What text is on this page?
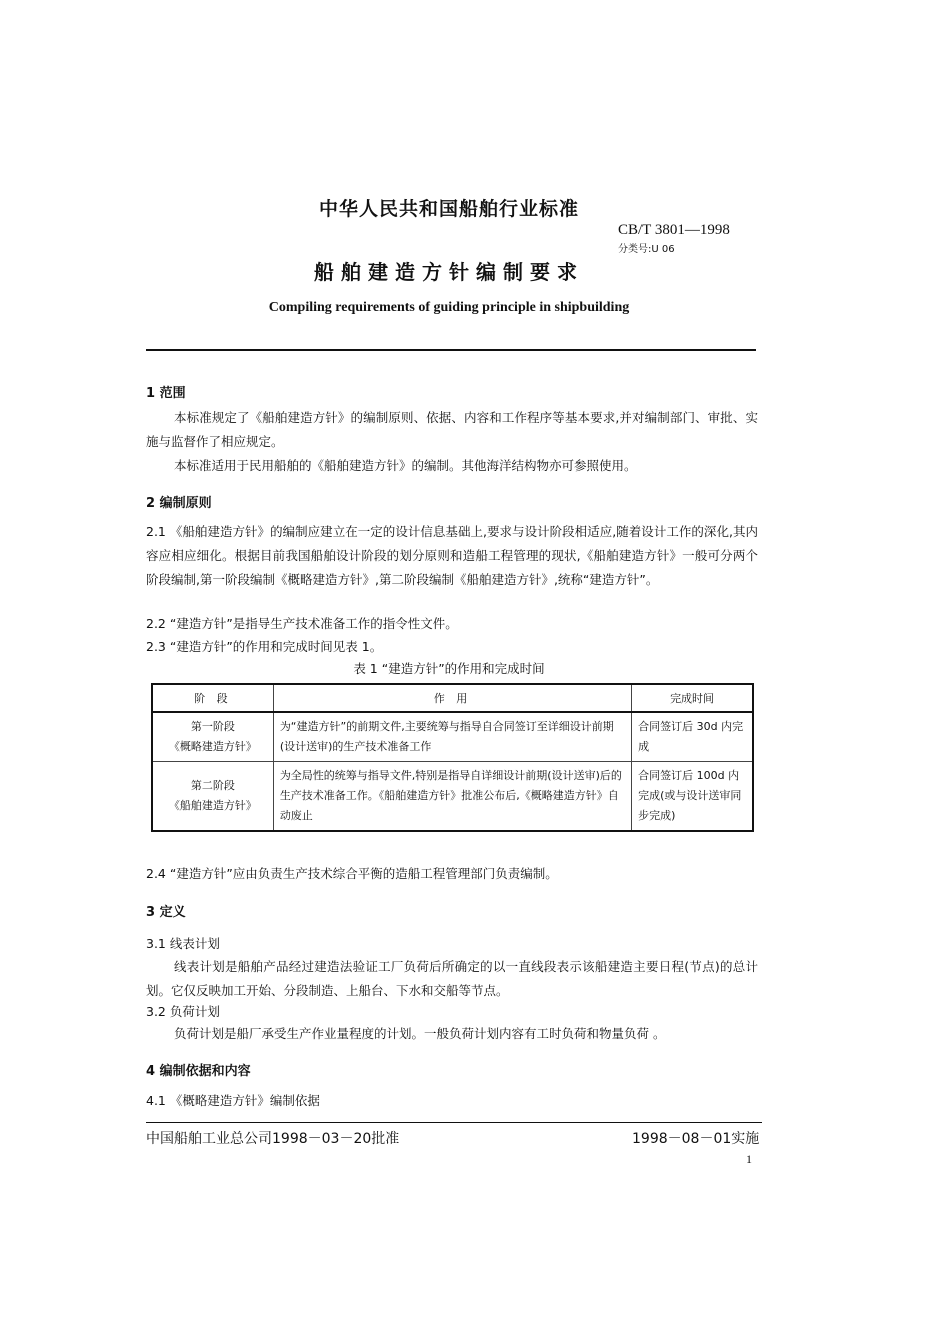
中华人民共和国船舶行业标准
CB/T 3801—1998
分类号:U 06
船舶建造方针编制要求
Compiling requirements of guiding principle in shipbuilding
1 范围
本标准规定了《船舶建造方针》的编制原则、依据、内容和工作程序等基本要求,并对编制部门、审批、实施与监督作了相应规定。
本标准适用于民用船舶的《船舶建造方针》的编制。其他海洋结构物亦可参照使用。
2 编制原则
2.1 《船舶建造方针》的编制应建立在一定的设计信息基础上,要求与设计阶段相适应,随着设计工作的深化,其内容应相应细化。根据目前我国船舶设计阶段的划分原则和造船工程管理的现状,《船舶建造方针》一般可分两个阶段编制,第一阶段编制《概略建造方针》,第二阶段编制《船舶建造方针》,统称“建造方针”。
2.2 “建造方针”是指导生产技术准备工作的指令性文件。
2.3 “建造方针”的作用和完成时间见表 1。
表 1 “建造方针”的作用和完成时间
阶 段	作 用	完成时间

第一阶段
《概略建造方针》	为“建造方针”的前期文件,主要统筹与指导自合同签订至详细设计前期(设计送审)的生产技术准备工作	合同签订后 30d 内完成

第二阶段
《船舶建造方针》	为全局性的统筹与指导文件,特别是指导自详细设计前期(设计送审)后的生产技术准备工作。《船舶建造方针》批准公布后,《概略建造方针》自动废止	合同签订后 100d 内完成(或与设计送审同步完成)
2.4 “建造方针”应由负责生产技术综合平衡的造船工程管理部门负责编制。
3 定义
3.1 线表计划
线表计划是船舶产品经过建造法验证工厂负荷后所确定的以一直线段表示该船建造主要日程(节点)的总计划。它仅反映加工开始、分段制造、上船台、下水和交船等节点。
3.2 负荷计划
负荷计划是船厂承受生产作业量程度的计划。一般负荷计划内容有工时负荷和物量负荷 。
4 编制依据和内容
4.1 《概略建造方针》编制依据
中国船舶工业总公司1998－03－20批准	1998－08－01实施
1
